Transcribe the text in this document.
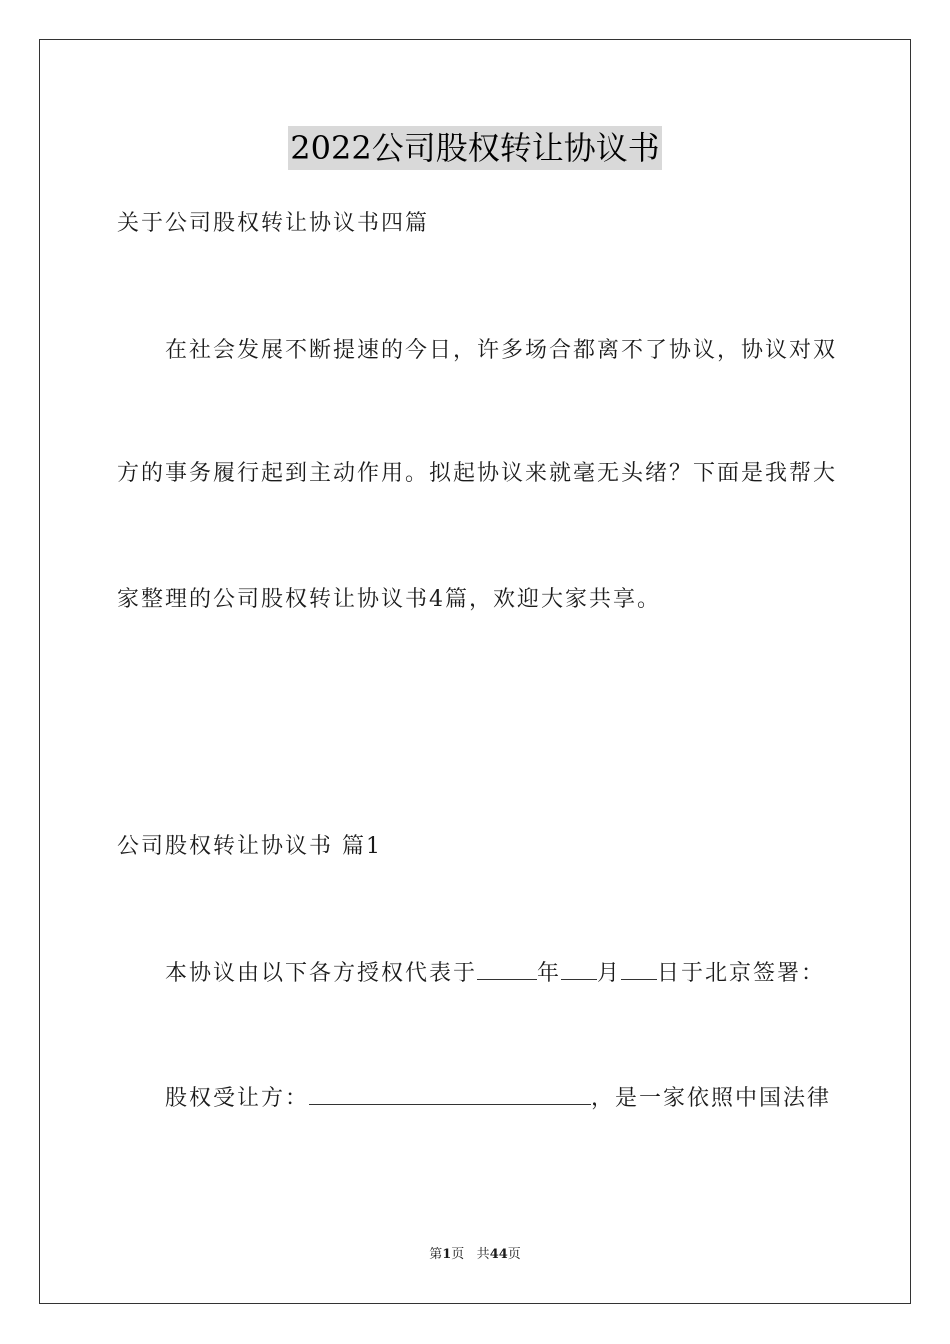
2022公司股权转让协议书
关于公司股权转让协议书四篇
在社会发展不断提速的今日，许多场合都离不了协议，协议对双
方的事务履行起到主动作用。拟起协议来就毫无头绪？下面是我帮大
家整理的公司股权转让协议书4篇，欢迎大家共享。
公司股权转让协议书 篇1
本协议由以下各方授权代表于	年 月 日于北京签署：
股权受让方：	，是一家依照中国法律
第1页 共44页
